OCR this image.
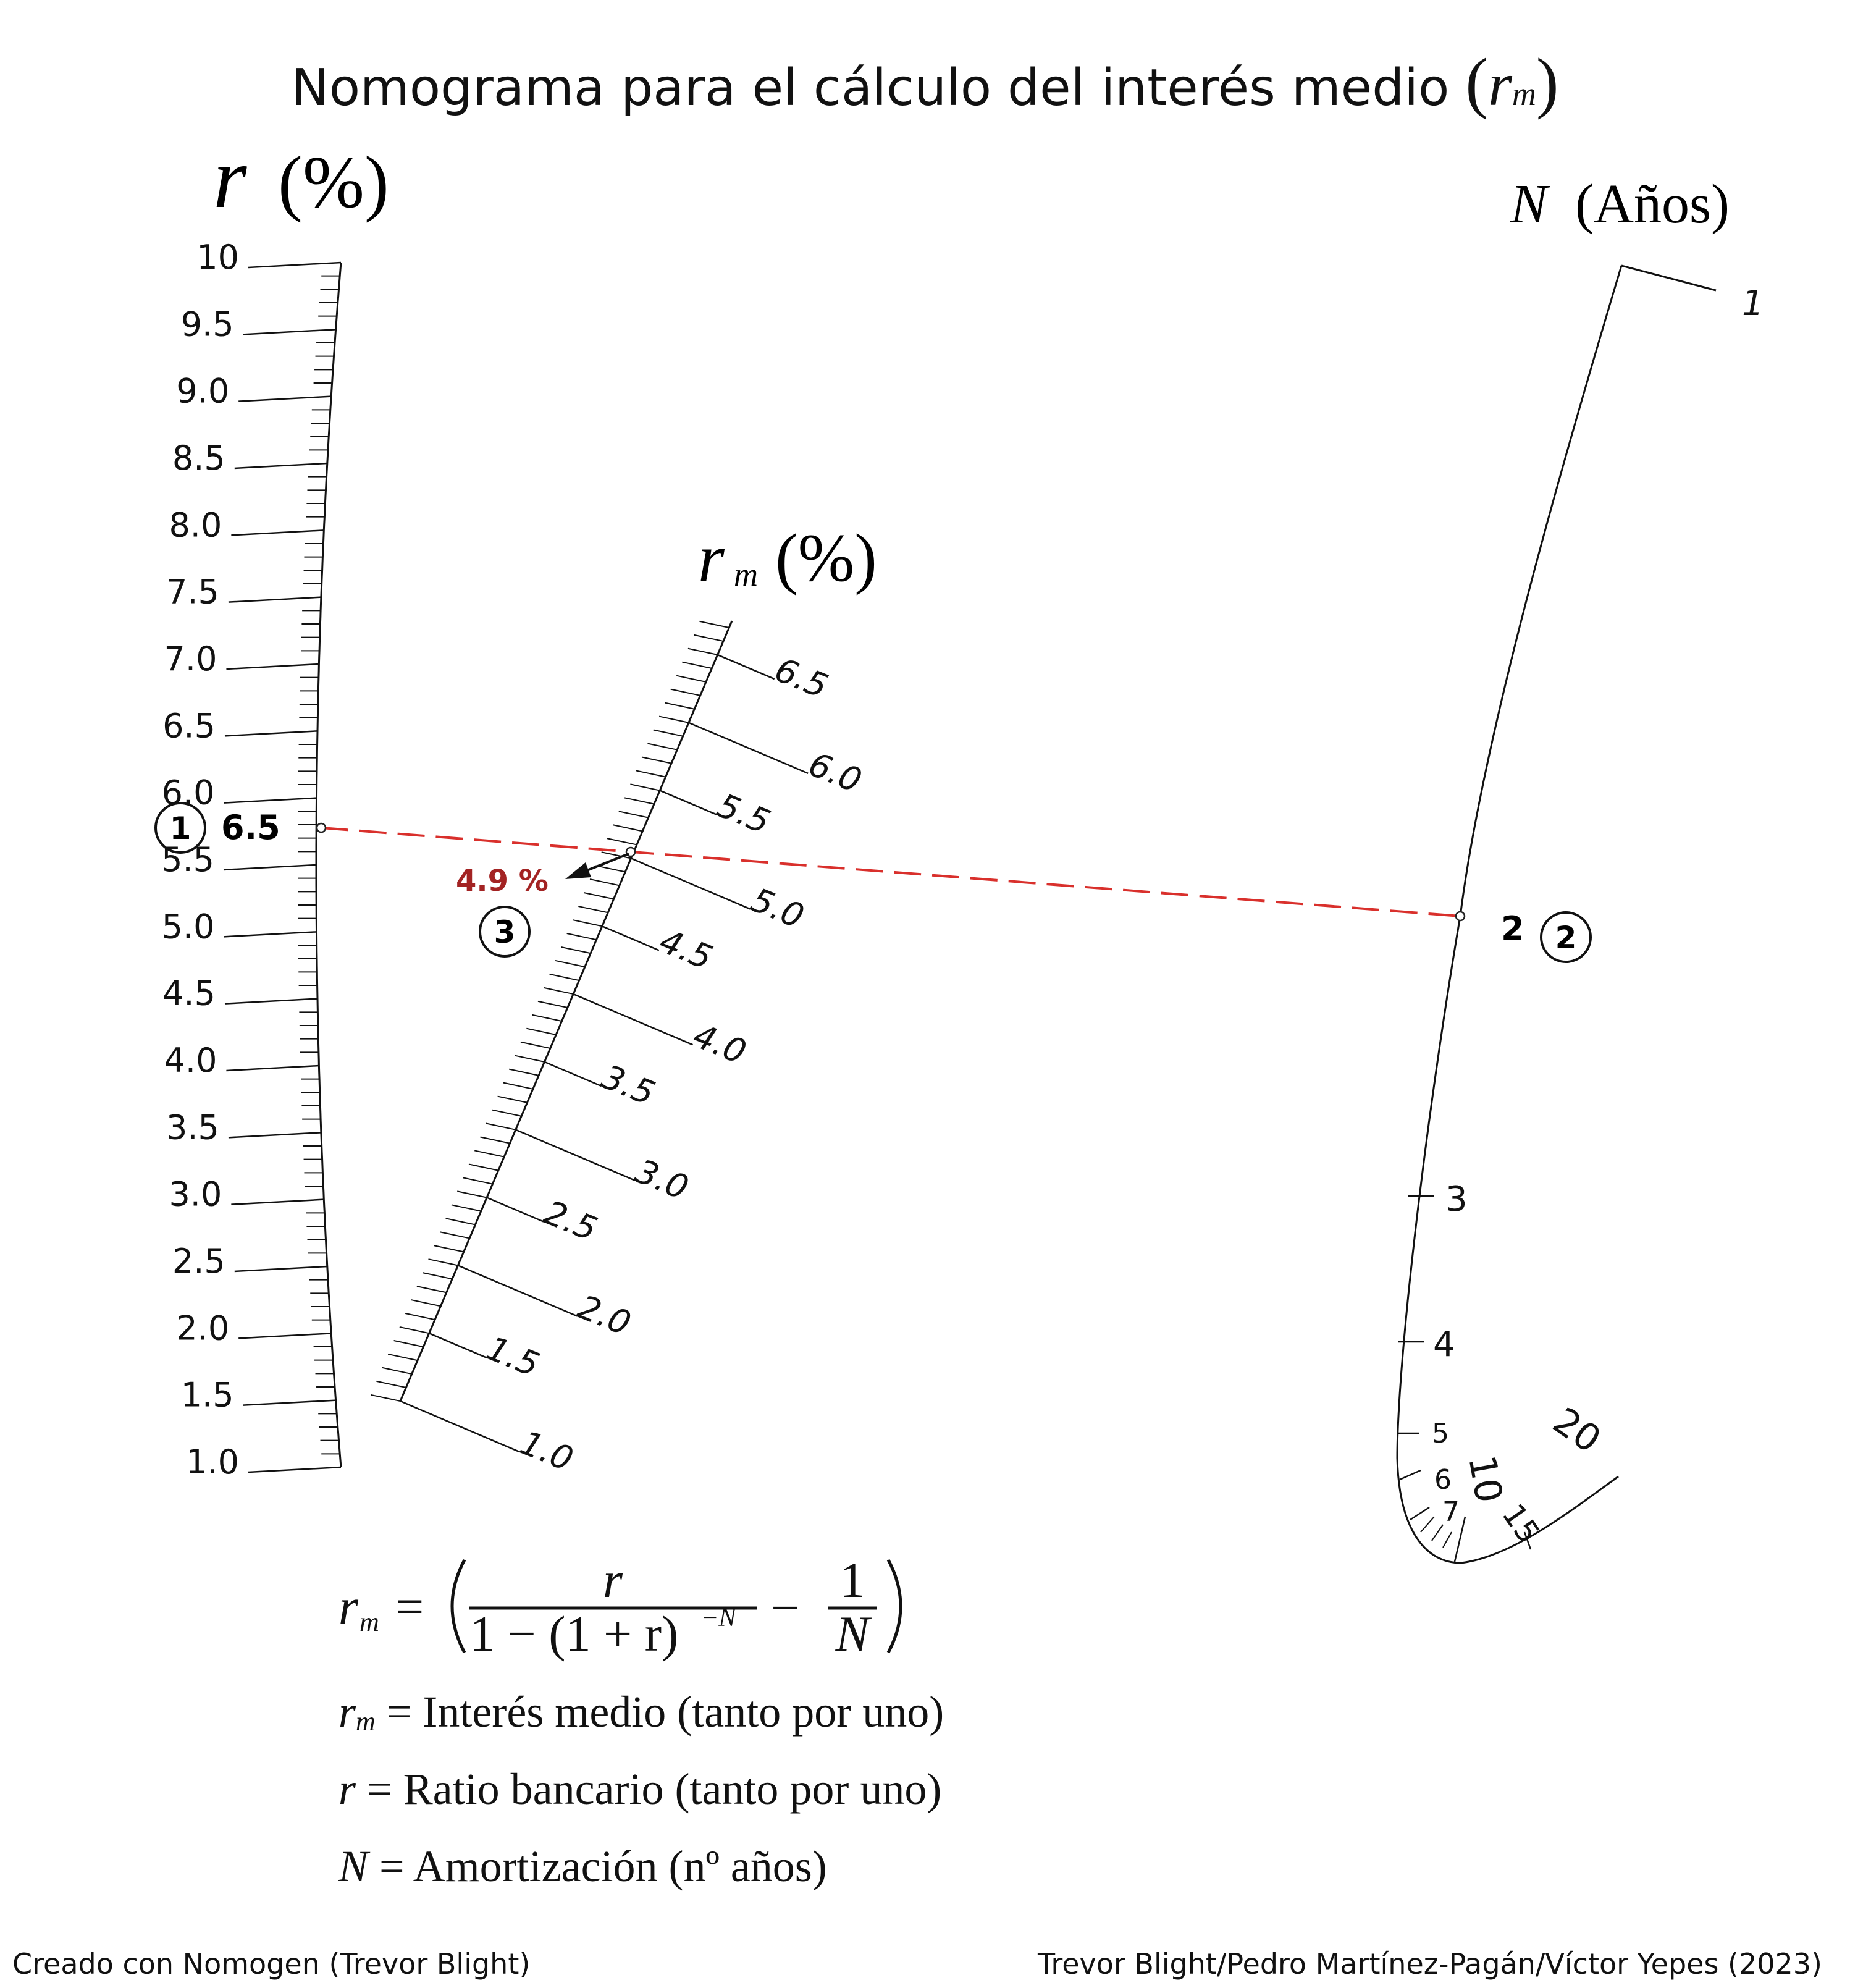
Nomograma para el cálculo del interés medio (rm)
r (%)
r m (%)
N (Años)
1.0
1.5
2.0
2.5
3.0
3.5
4.0
4.5
5.0
5.5
6.0
6.5
7.0
7.5
8.0
8.5
9.0
9.5
10
1.0
1.5
2.0
2.5
3.0
3.5
4.0
4.5
5.0
5.5
6.0
6.5
1
3
4
5
6
7
10
15
20
4.9 %
1 6.5
2 2
3
r m =	r
1 − (1 + r) −N − 1
N
$r_m$ = Interés medio (tanto por uno)
r = Ratio bancario (tanto por uno)
N = Amortización (nº años)
Creado con Nomogen (Trevor Blight)	Trevor Blight/Pedro Martínez-Pagán/Víctor Yepes (2023)
